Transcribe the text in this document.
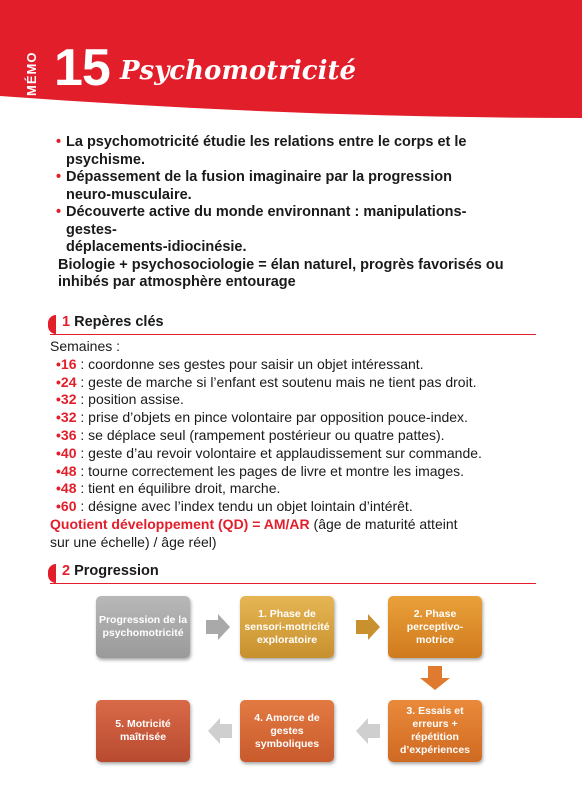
MÉMO 15 Psychomotricité
• La psychomotricité étudie les relations entre le corps et le
psychisme.
• Dépassement de la fusion imaginaire par la progression
neuro-musculaire.
• Découverte active du monde environnant : manipulations-
gestes-
déplacements-idiocinésie.
Biologie + psychosociologie = élan naturel, progrès favorisés ou
inhibés par atmosphère entourage
1 Repères clés
Semaines :
•16 : coordonne ses gestes pour saisir un objet intéressant.
•24 : geste de marche si l’enfant est soutenu mais ne tient pas droit.
•32 : position assise.
•32 : prise d’objets en pince volontaire par opposition pouce-index.
•36 : se déplace seul (rampement postérieur ou quatre pattes).
•40 : geste d’au revoir volontaire et applaudissement sur commande.
•48 : tourne correctement les pages de livre et montre les images.
•48 : tient en équilibre droit, marche.
•60 : désigne avec l’index tendu un objet lointain d’intérêt.
Quotient développement (QD) = AM/AR (âge de maturité atteint
sur une échelle) / âge réel)
2 Progression
Progression de la psychomotricité
1. Phase de sensori-motricité exploratoire
2. Phase perceptivo-motrice
3. Essais et erreurs + répétition d’expériences
4. Amorce de gestes symboliques
5. Motricité maîtrisée
